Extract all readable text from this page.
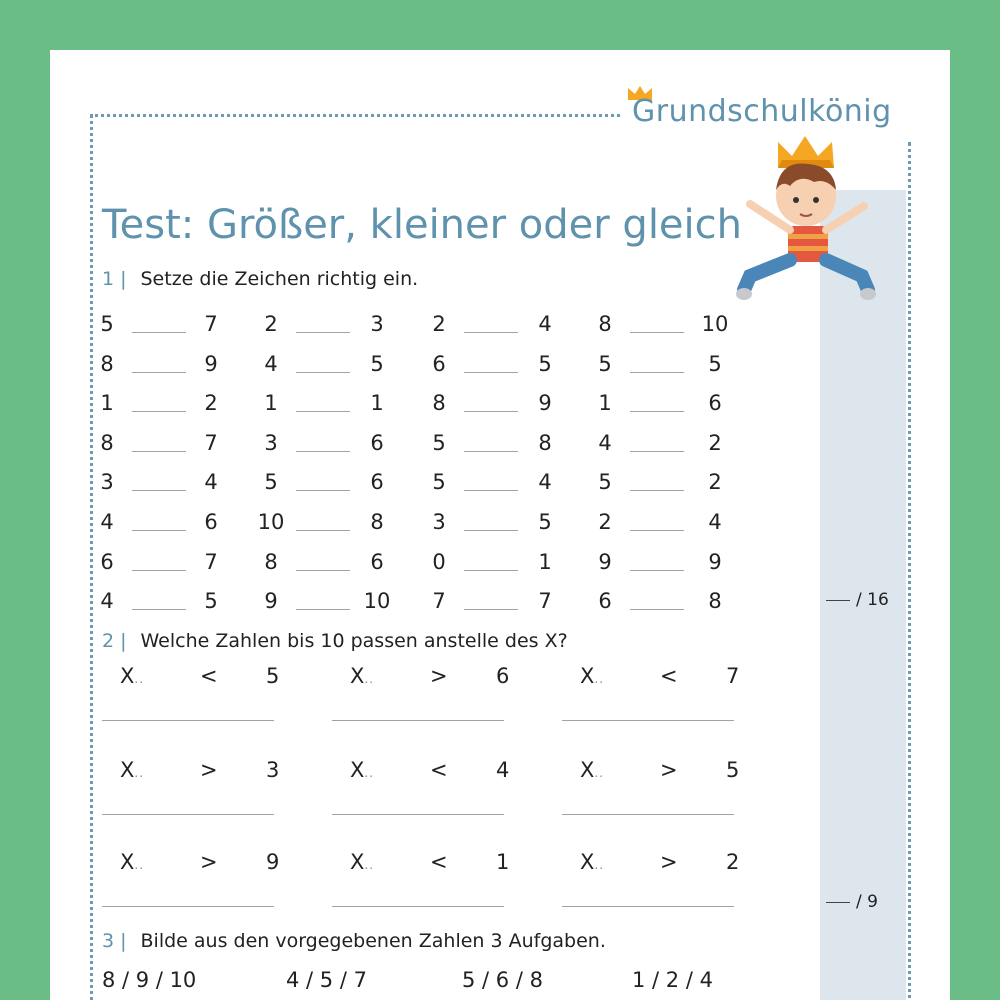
Grundschulkönig
Test: Größer, kleiner oder gleich
1 | Setze die Zeichen richtig ein.
/ 16
2 | Welche Zahlen bis 10 passen anstelle des X?
/ 9
3 | Bilde aus den vorgegebenen Zahlen 3 Aufgaben.
8 / 9 / 10	4 / 5 / 7	5 / 6 / 8	1 / 2 / 4
5	7	2	3	2	4	8	10
8	9	4	5	6	5	5	5
1	2	1	1	8	9	1	6
8	7	3	6	5	8	4	2
3	4	5	6	5	4	5	2
4	6	10	8	3	5	2	4
6	7	8	6	0	1	9	9
4	5	9	10	7	7	6	8
X..	< 5	X..	> 6	X..	< 7
X..	> 3	X..	< 4	X..	> 5
X..	> 9	X..	< 1	X..	> 2
